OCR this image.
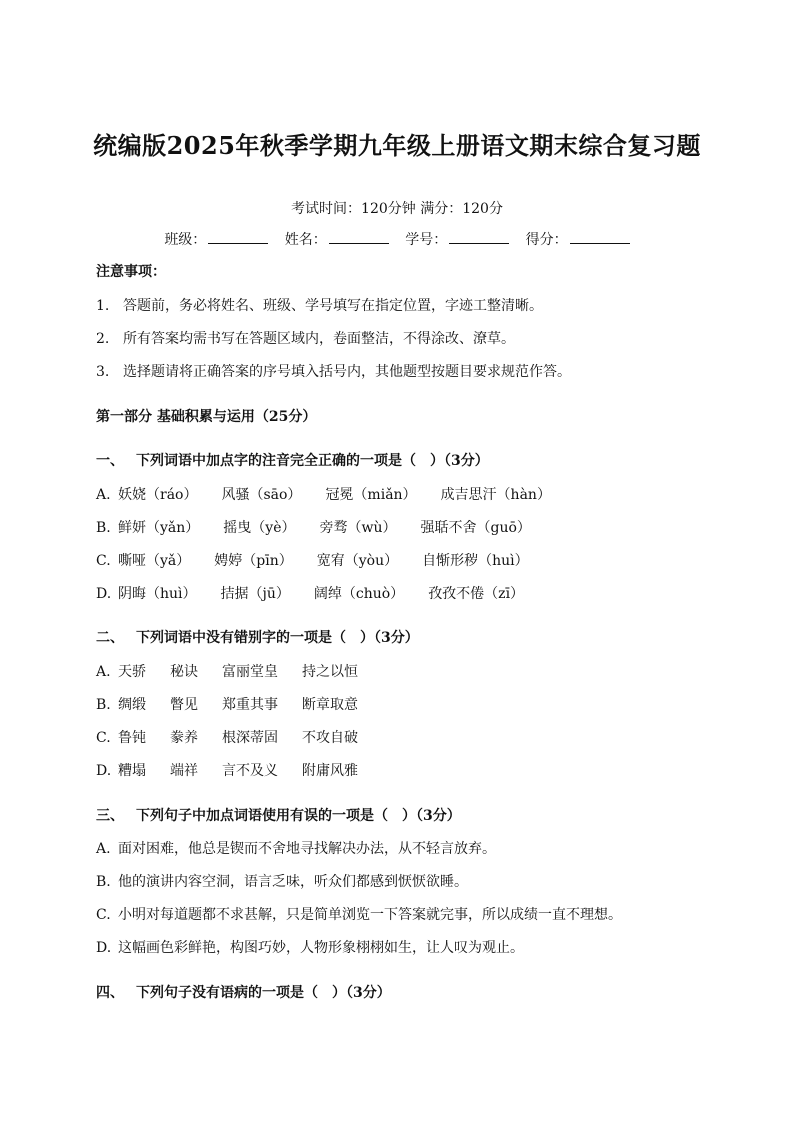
统编版2025年秋季学期九年级上册语文期末综合复习题
考试时间：120分钟 满分：120分
班级：	姓名：	学号：	得分：
注意事项：
1. 答题前，务必将姓名、班级、学号填写在指定位置，字迹工整清晰。
2. 所有答案均需书写在答题区域内，卷面整洁，不得涂改、潦草。
3. 选择题请将正确答案的序号填入括号内，其他题型按题目要求规范作答。
第一部分 基础积累与运用（25分）
一、 下列词语中加点字的注音完全正确的一项是（　）（3分）
A. 妖娆（ráo） 风骚（sāo） 冠冕（miǎn） 成吉思汗（hàn）
B. 鲜妍（yǎn） 摇曳（yè） 旁骛（wù） 强聒不舍（guō）
C. 嘶哑（yǎ） 娉婷（pīn） 宽宥（yòu） 自惭形秽（huì）
D. 阴晦（huì） 拮据（jū） 阔绰（chuò） 孜孜不倦（zī）
二、 下列词语中没有错别字的一项是（　）（3分）
A. 天骄 秘诀 富丽堂皇 持之以恒
B. 绸缎 瞥见 郑重其事 断章取意
C. 鲁钝 豢养 根深蒂固 不攻自破
D. 糟塌 端祥 言不及义 附庸风雅
三、 下列句子中加点词语使用有误的一项是（　）（3分）
A. 面对困难，他总是锲而不舍地寻找解决办法，从不轻言放弃。
B. 他的演讲内容空洞，语言乏味，听众们都感到恹恹欲睡。
C. 小明对每道题都不求甚解，只是简单浏览一下答案就完事，所以成绩一直不理想。
D. 这幅画色彩鲜艳，构图巧妙，人物形象栩栩如生，让人叹为观止。
四、 下列句子没有语病的一项是（　）（3分）
